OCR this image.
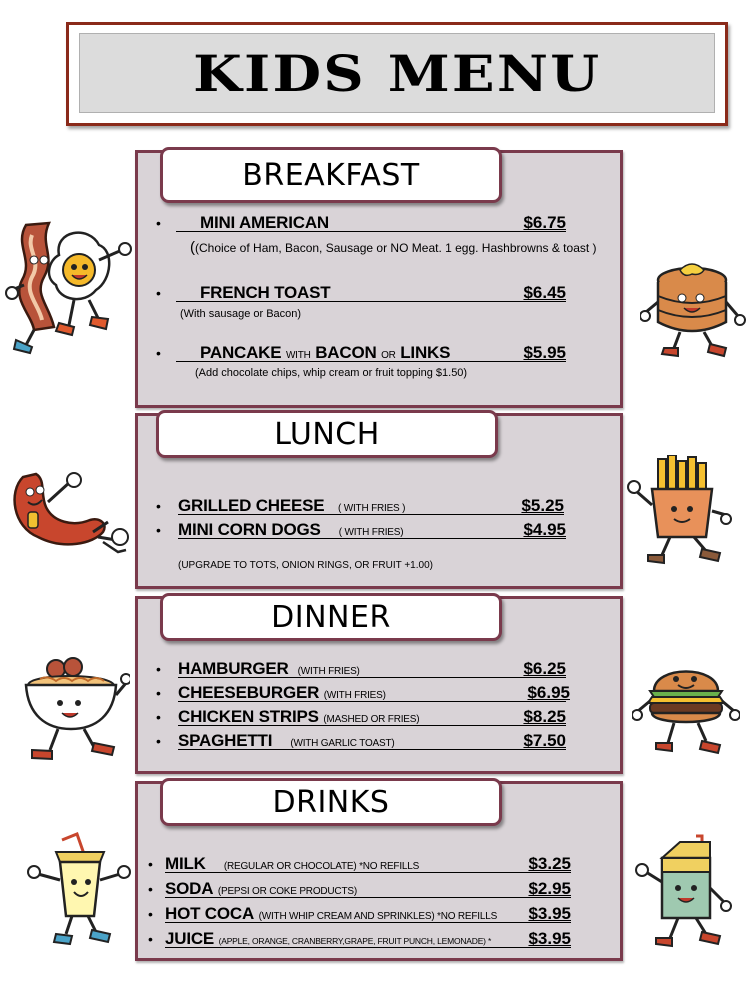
KIDS MENU
BREAKFAST
• MINI AMERICAN	$6.75
((Choice of Ham, Bacon, Sausage or NO Meat. 1 egg. Hashbrowns & toast )
• FRENCH TOAST	$6.45
(With sausage or Bacon)
• PANCAKE WITH BACON OR LINKS	$5.95
(Add chocolate chips, whip cream or fruit topping $1.50)
LUNCH
• GRILLED CHEESE ( WITH FRIES )	$5.25
• MINI CORN DOGS ( WITH FRIES)	$4.95
(UPGRADE TO TOTS, ONION RINGS, OR FRUIT +1.00)
DINNER
• HAMBURGER (WITH FRIES)	$6.25
• CHEESEBURGER (WITH FRIES)	$6.95
• CHICKEN STRIPS (MASHED OR FRIES)	$8.25
• SPAGHETTI (WITH GARLIC TOAST)	$7.50
DRINKS
• MILK (REGULAR OR CHOCOLATE) *NO REFILLS	$3.25
• SODA (PEPSI OR COKE PRODUCTS)	$2.95
• HOT COCA (WITH WHIP CREAM AND SPRINKLES) *NO REFILLS $3.95
• JUICE (APPLE, ORANGE, CRANBERRY,GRAPE, FRUIT PUNCH, LEMONADE) * $3.95
